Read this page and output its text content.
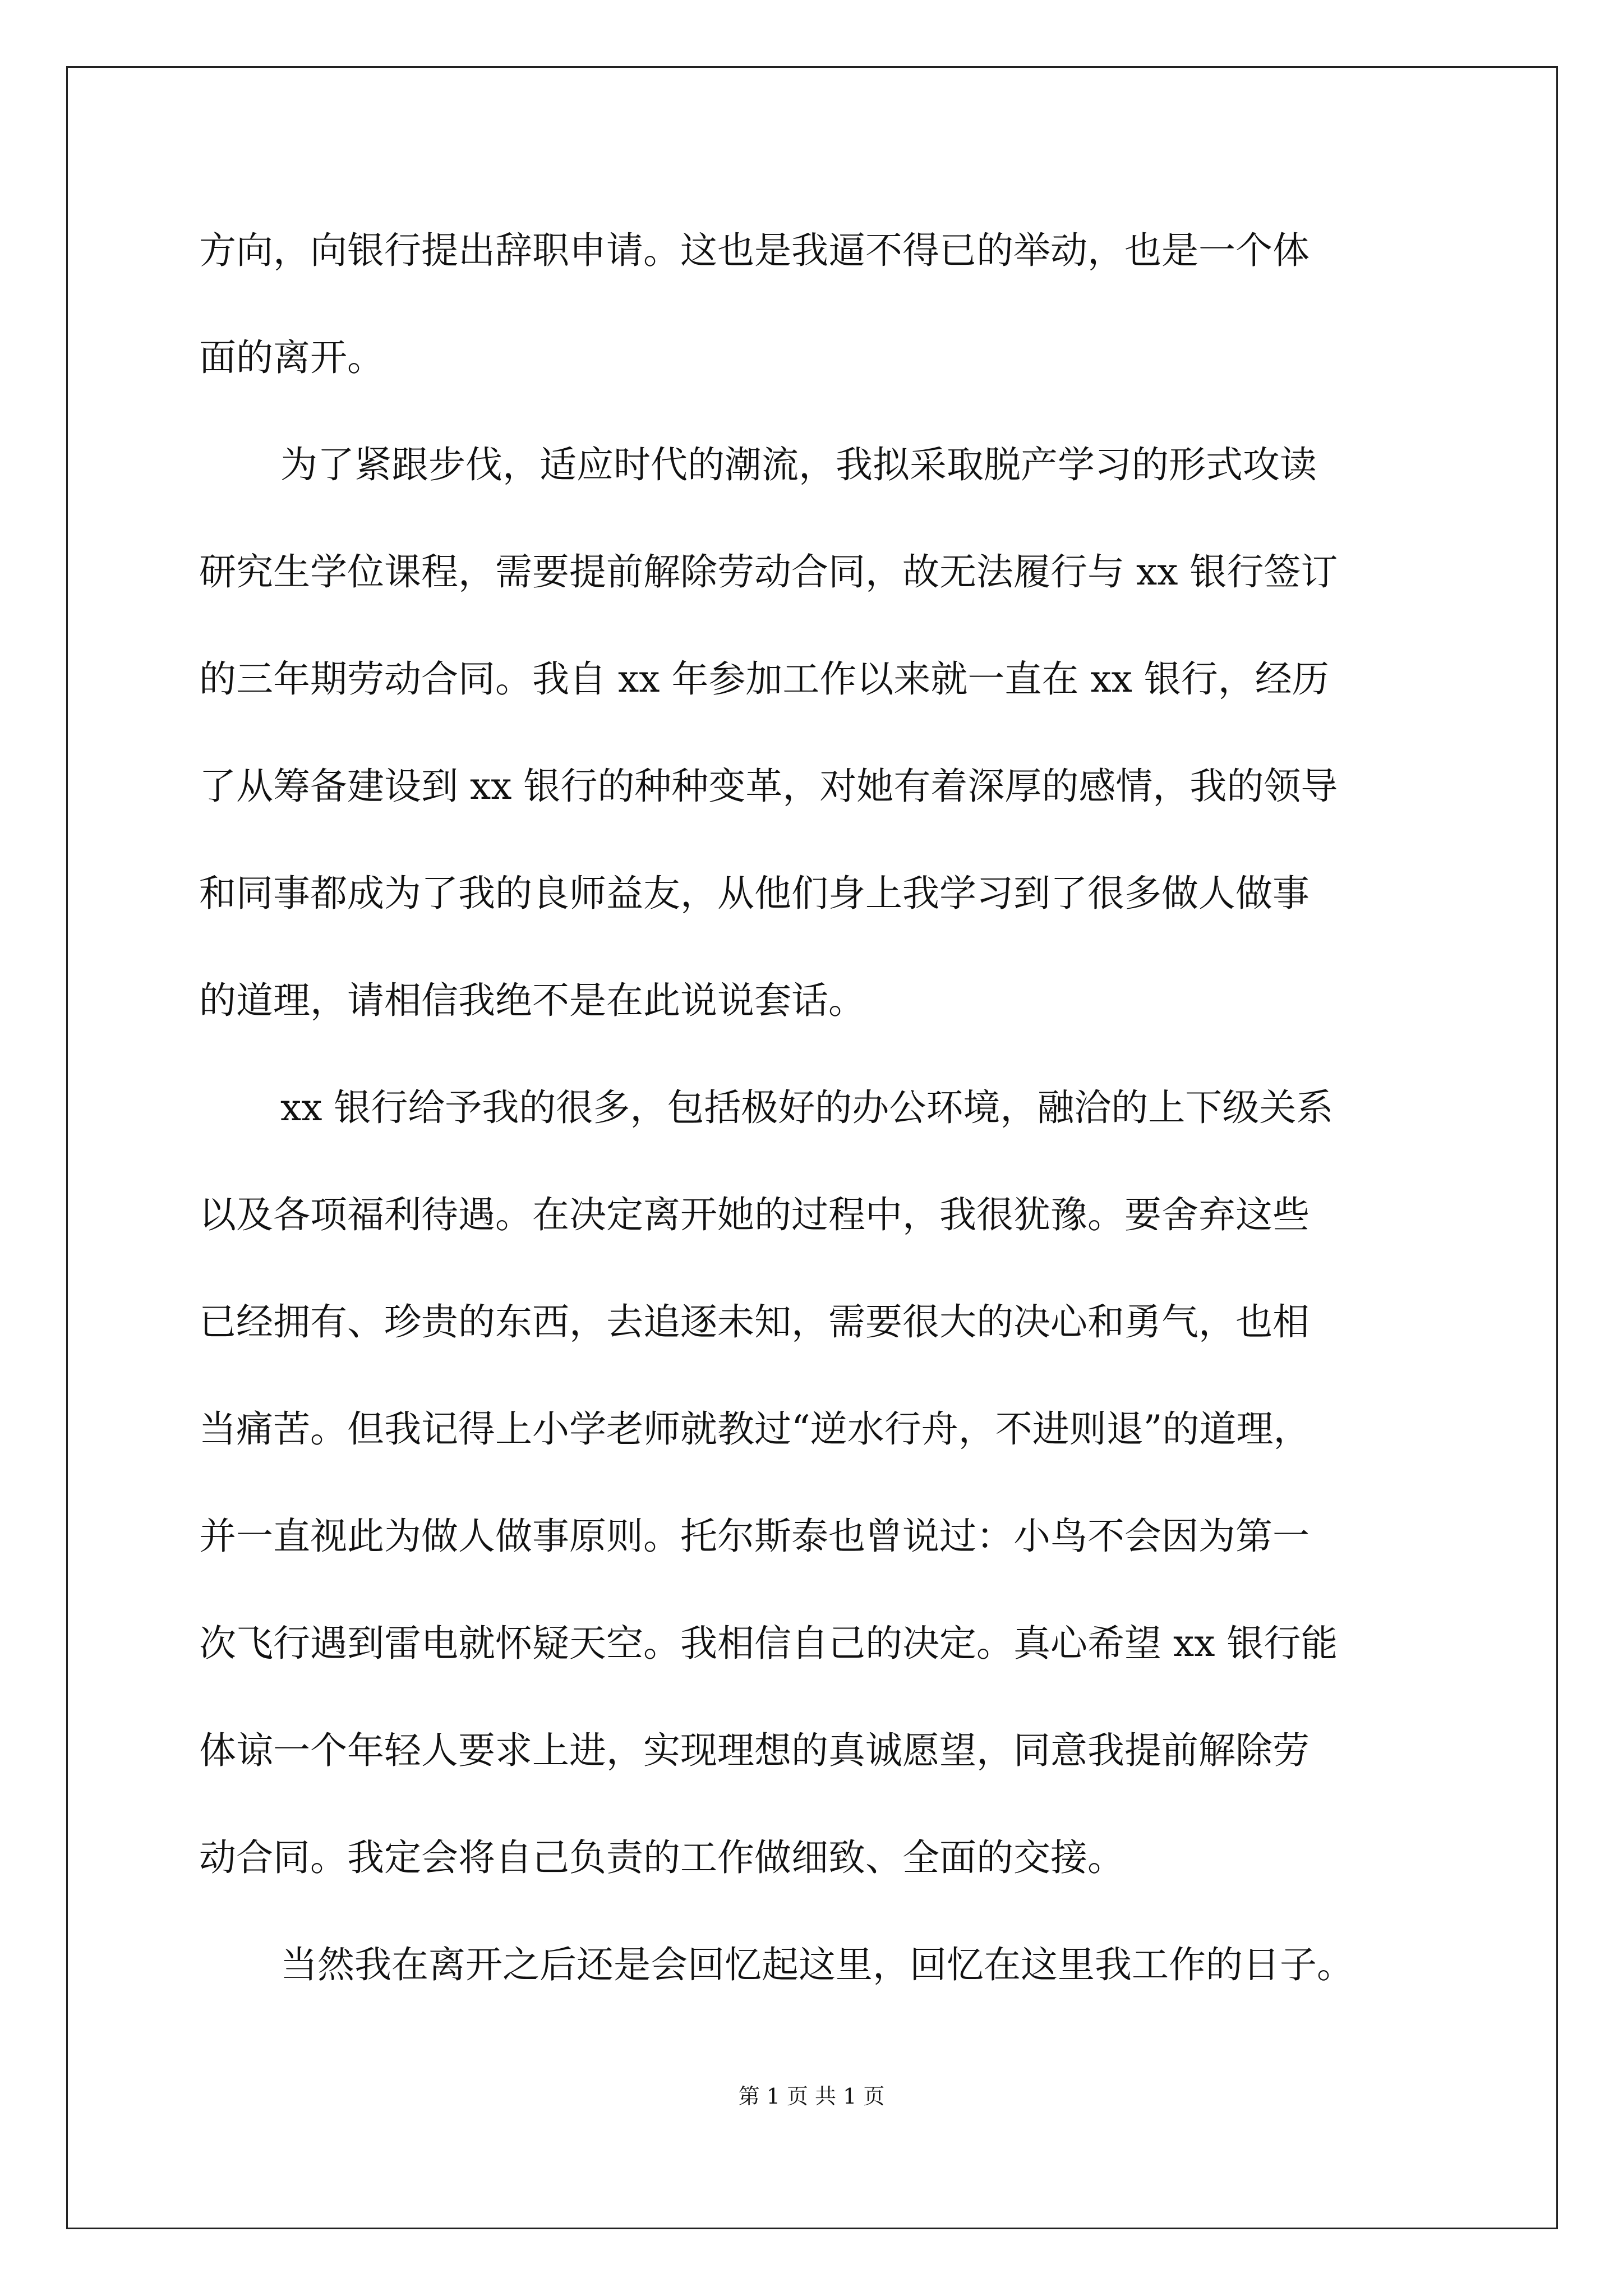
方向，向银行提出辞职申请。这也是我逼不得已的举动，也是一个体
面的离开。
为了紧跟步伐，适应时代的潮流，我拟采取脱产学习的形式攻读
研究生学位课程，需要提前解除劳动合同，故无法履行与 xx 银行签订
的三年期劳动合同。我自 xx 年参加工作以来就一直在 xx 银行，经历
了从筹备建设到 xx 银行的种种变革，对她有着深厚的感情，我的领导
和同事都成为了我的良师益友，从他们身上我学习到了很多做人做事
的道理，请相信我绝不是在此说说套话。
xx 银行给予我的很多，包括极好的办公环境，融洽的上下级关系
以及各项福利待遇。在决定离开她的过程中，我很犹豫。要舍弃这些
已经拥有、珍贵的东西，去追逐未知，需要很大的决心和勇气，也相
当痛苦。但我记得上小学老师就教过“逆水行舟，不进则退”的道理，
并一直视此为做人做事原则。托尔斯泰也曾说过：小鸟不会因为第一
次飞行遇到雷电就怀疑天空。我相信自己的决定。真心希望 xx 银行能
体谅一个年轻人要求上进，实现理想的真诚愿望，同意我提前解除劳
动合同。我定会将自己负责的工作做细致、全面的交接。
当然我在离开之后还是会回忆起这里，回忆在这里我工作的日子。
第 1 页 共 1 页
